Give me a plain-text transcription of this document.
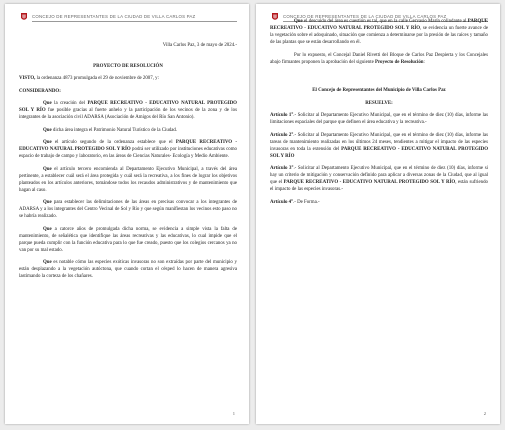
CONCEJO DE REPRESENTANTES DE LA CIUDAD DE VILLA CARLOS PAZ

Villa Carlos Paz, 3 de mayo de 2024.-

PROYECTO DE RESOLUCIÓN

VISTO, la ordenanza 4873 promulgada el 29 de noviembre de 2007, y:

CONSIDERANDO:

Que la creación del PARQUE RECREATIVO - EDUCATIVO NATURAL PROTEGIDO SOL Y RÍO fue posible gracias al fuerte anhelo y la participación de los vecinos de la zona y de los integrantes de la asociación civil ADARSA (Asociación de Amigos del Río San Antonio).

Que dicha área integra el Patrimonio Natural Turístico de la Ciudad.

Que el artículo segundo de la ordenanza establece que el PARQUE RECREATIVO - EDUCATIVO NATURAL PROTEGIDO SOL Y RÍO podrá ser utilizado por instituciones educativas como espacio de trabajo de campo y laboratorio, en las áreas de Ciencias Naturales- Ecología y Medio Ambiente.

Que el artículo tercero encomienda al Departamento Ejecutivo Municipal, a través del área pertinente, a establecer cuál será el área protegida y cuál será la recreativa, a los fines de lograr los objetivos planteados en los artículos anteriores, tomándose todos los recaudos administrativos y de mantenimiento que hagan al caso.

Que para establecer las delimitaciones de las áreas en precisas convocar a los integrantes de ADARSA y a los integrantes del Centro Vecinal de Sol y Río y que según manifiestan los vecinos esto paso no se habría realizado.

Que a catorce años de promulgada dicha norma, se evidencia a simple vista la falta de mantenimiento, de señalética que identifique las áreas recreativas y las educativas, lo cual impide que el parque pueda cumplir con la función educativa para lo que fue creado, puesto que los colegios cercanos ya no van por su mal estado.

Que es notable cómo las especies exóticas invasoras no son extraídas por parte del municipio y están desplazando a la vegetación autóctona, que cuando cortan el césped lo hacen de manera agresiva lastimando la corteza de los chañares.

1
CONCEJO DE REPRESENTANTES DE LA CIUDAD DE VILLA CARLOS PAZ

Que el descuido del área es cuestión es tal, que en la calle Gervasio Marín colindante al PARQUE RECREATIVO - EDUCATIVO NATURAL PROTEGIDO SOL Y RÍO, se evidencia un fuerte avance de la vegetación sobre el adoquinado, situación que comienza a determinarse por la presión de las raíces y tamaño de las plantas que se están desarrollando en él.

Por lo expuesto, el Concejal Daniel Rivetti del Bloque de Carlos Paz Despierta y los Concejales abajo firmantes proponen la aprobación del siguiente Proyecto de Resolución:

El Concejo de Representantes del Municipio de Villa Carlos Paz

RESUELVE:

Artículo 1°.- Solicitar al Departamento Ejecutivo Municipal, que en el término de diez (10) días, informe las limitaciones espaciales del parque que definen el área educativa y la recreativa.-

Artículo 2°.- Solicitar al Departamento Ejecutivo Municipal, que en el término de diez (10) días, informe las tareas de mantenimiento realizadas en los últimos 24 meses, tendientes a mitigar el impacto de las especies invasoras en toda la extensión del PARQUE RECREATIVO - EDUCATIVO NATURAL PROTEGIDO SOL Y RÍO

Artículo 3°.- Solicitar al Departamento Ejecutivo Municipal, que en el término de diez (10) días, informe si hay un criterio de mitigación y conservación definido para aplicar a diversas zonas de la Ciudad, que al igual que el PARQUE RECREATIVO - EDUCATIVO NATURAL PROTEGIDO SOL Y RÍO, están sufriendo el impacto de las especies invasoras.-

Artículo 4°.- De Forma.-

2
